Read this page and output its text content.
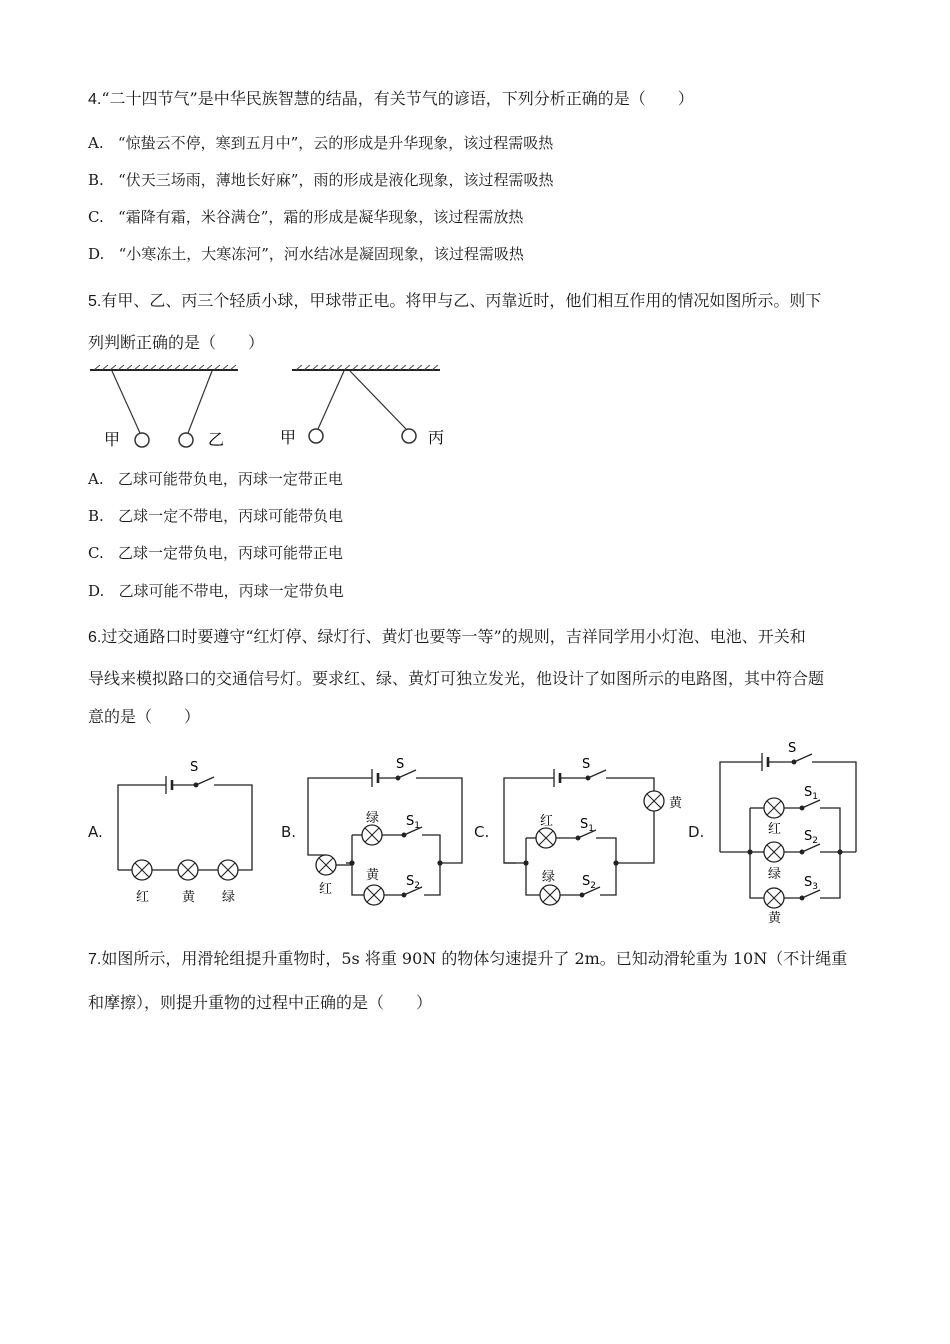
4.“二十四节气”是中华民族智慧的结晶，有关节气的谚语，下列分析正确的是（　　）
A. “惊蛰云不停，寒到五月中”，云的形成是升华现象，该过程需吸热
B. “伏天三场雨，薄地长好麻”，雨的形成是液化现象，该过程需吸热
C. “霜降有霜，米谷满仓”，霜的形成是凝华现象，该过程需放热
D. “小寒冻土，大寒冻河”，河水结冰是凝固现象，该过程需吸热
5.有甲、乙、丙三个轻质小球，甲球带正电。将甲与乙、丙靠近时，他们相互作用的情况如图所示。则下
列判断正确的是（　　）
甲	乙	甲	丙
A. 乙球可能带负电，丙球一定带正电
B. 乙球一定不带电，丙球可能带负电
C. 乙球一定带负电，丙球可能带正电
D. 乙球可能不带电，丙球一定带负电
6.过交通路口时要遵守“红灯停、绿灯行、黄灯也要等一等”的规则，吉祥同学用小灯泡、电池、开关和
导线来模拟路口的交通信号灯。要求红、绿、黄灯可独立发光，他设计了如图所示的电路图，其中符合题
意的是（　　）
A.	B.	C.	D.
S
红	黄 绿
S
$S_1$
$S_2$
绿
黄
红
S
$S_1$
$S_2$
黄
红
绿
S
$S_1$
$S_2$
$S_3$
红
绿
黄
7.如图所示，用滑轮组提升重物时，5s 将重 90N 的物体匀速提升了 2m。已知动滑轮重为 10N（不计绳重
和摩擦），则提升重物的过程中正确的是（　　）
